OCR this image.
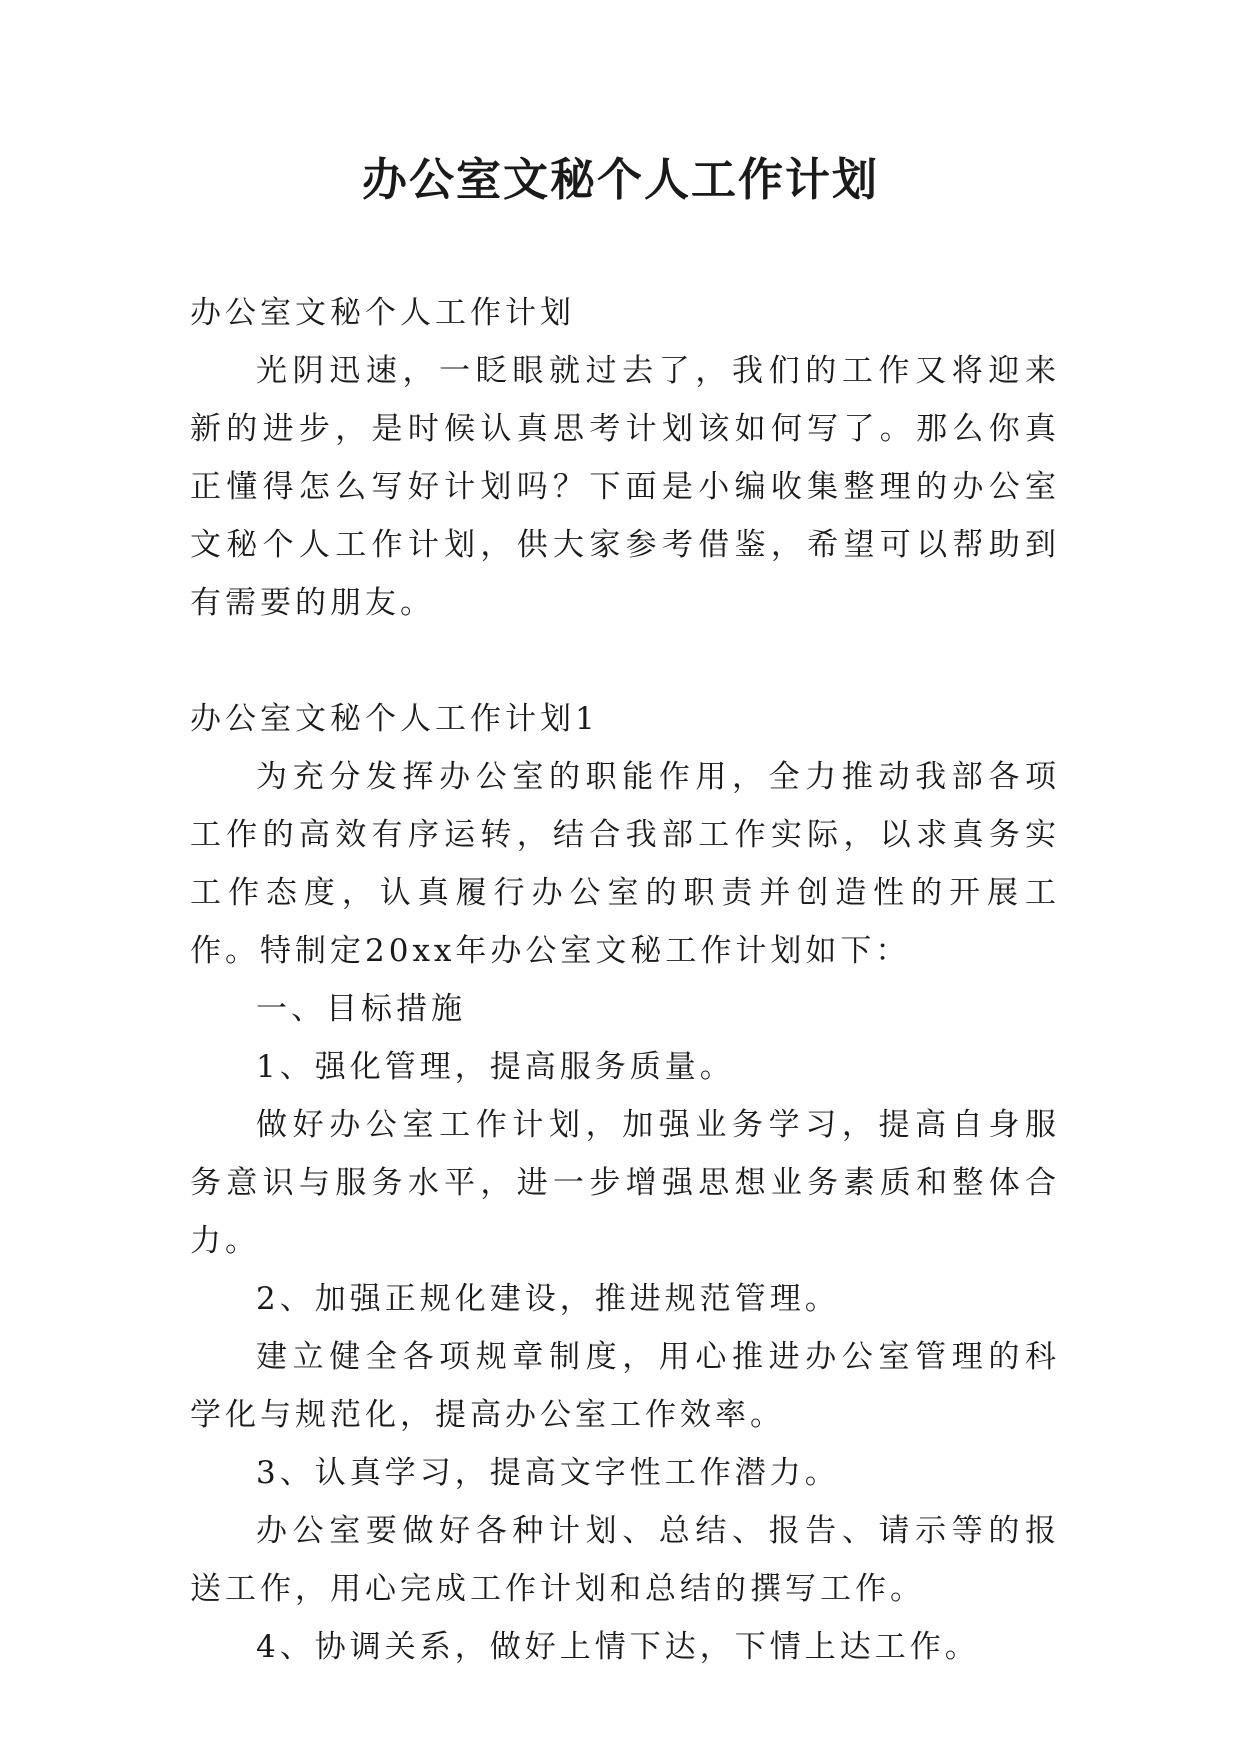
办公室文秘个人工作计划

办公室文秘个人工作计划

光阴迅速，一眨眼就过去了，我们的工作又将迎来新的进步，是时候认真思考计划该如何写了。那么你真正懂得怎么写好计划吗？下面是小编收集整理的办公室文秘个人工作计划，供大家参考借鉴，希望可以帮助到有需要的朋友。

办公室文秘个人工作计划1

为充分发挥办公室的职能作用，全力推动我部各项工作的高效有序运转，结合我部工作实际，以求真务实工作态度，认真履行办公室的职责并创造性的开展工作。特制定20xx年办公室文秘工作计划如下：

一、目标措施

1、强化管理，提高服务质量。

做好办公室工作计划，加强业务学习，提高自身服务意识与服务水平，进一步增强思想业务素质和整体合力。

2、加强正规化建设，推进规范管理。

建立健全各项规章制度，用心推进办公室管理的科学化与规范化，提高办公室工作效率。

3、认真学习，提高文字性工作潜力。

办公室要做好各种计划、总结、报告、请示等的报送工作，用心完成工作计划和总结的撰写工作。

4、协调关系，做好上情下达，下情上达工作。
